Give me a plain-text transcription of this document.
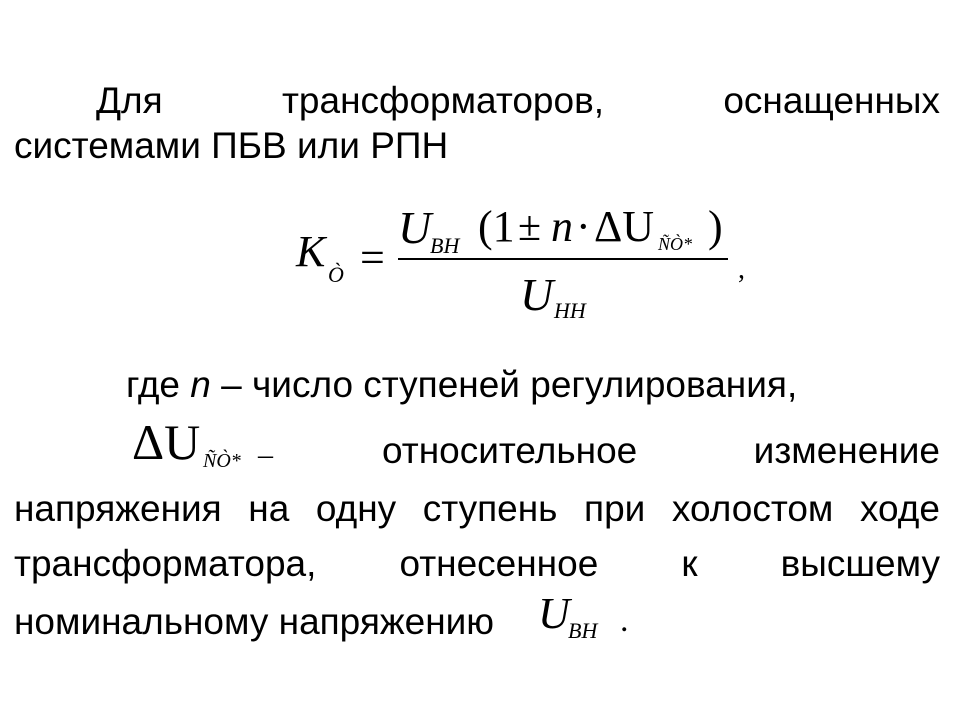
Для	трансформаторов,	оснащенных
системами ПБВ или РПН
K Ò =
U
ВН (1 ± n · ΔU ÑÒ* )
U НН
,
где n – число ступеней регулирования,
ΔU ÑÒ* –	относительное	изменение
напряжения на одну ступень при холостом ходе
трансформатора, отнесенное к высшему
номинальному напряжению U
ВН .
